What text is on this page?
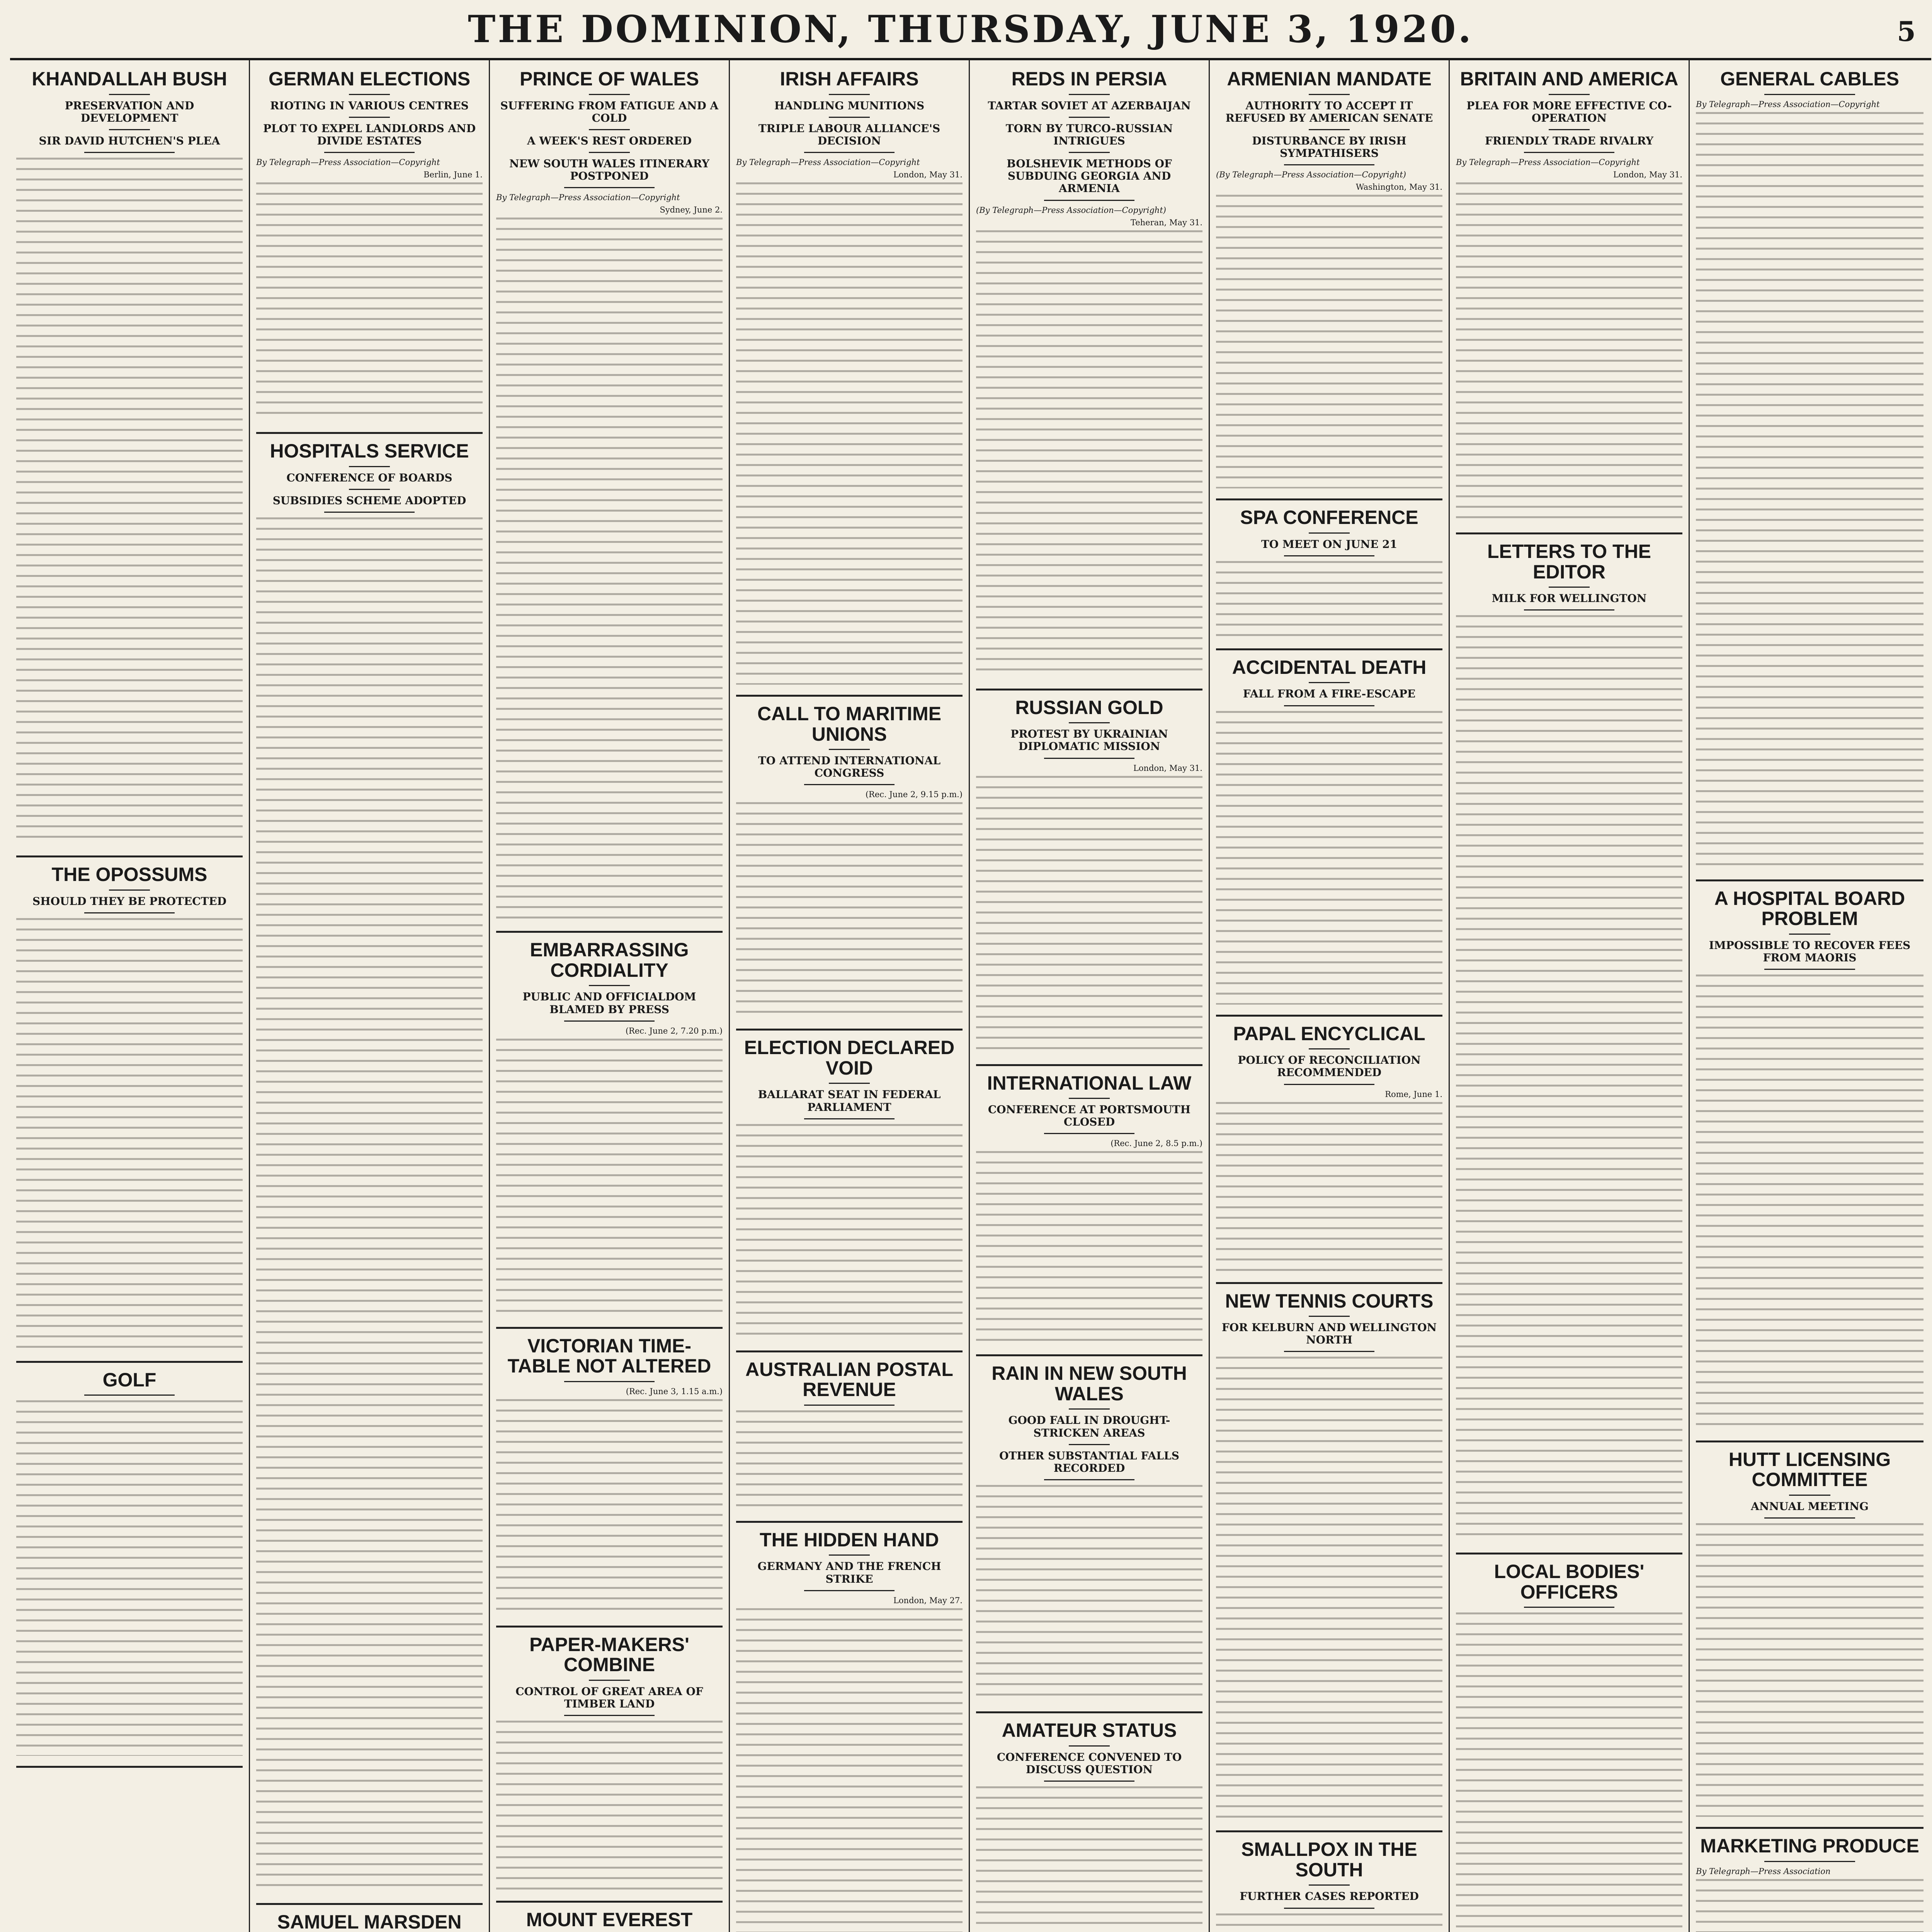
THE DOMINION, THURSDAY, JUNE 3, 1920.	5
KHANDALLAH BUSH
PRESERVATION AND DEVELOPMENT
SIR DAVID HUTCHEN'S PLEA
THE OPOSSUMS
SHOULD THEY BE PROTECTED
GOLF
GERMAN ELECTIONS
RIOTING IN VARIOUS CENTRES
PLOT TO EXPEL LANDLORDS AND DIVIDE ESTATES
By Telegraph—Press Association—Copyright
Berlin, June 1.
HOSPITALS SERVICE
CONFERENCE OF BOARDS
SUBSIDIES SCHEME ADOPTED
SAMUEL MARSDEN
PRINCE OF WALES
SUFFERING FROM FATIGUE AND A COLD
A WEEK'S REST ORDERED
NEW SOUTH WALES ITINERARY POSTPONED
By Telegraph—Press Association—Copyright
Sydney, June 2.
EMBARRASSING CORDIALITY
PUBLIC AND OFFICIALDOM BLAMED BY PRESS
(Rec. June 2, 7.20 p.m.)
VICTORIAN TIME-TABLE NOT ALTERED
(Rec. June 3, 1.15 a.m.)
PAPER-MAKERS' COMBINE
CONTROL OF GREAT AREA OF TIMBER LAND
MOUNT EVEREST
IRISH AFFAIRS
HANDLING MUNITIONS
TRIPLE LABOUR ALLIANCE'S DECISION
By Telegraph—Press Association—Copyright
London, May 31.
CALL TO MARITIME UNIONS
TO ATTEND INTERNATIONAL CONGRESS
(Rec. June 2, 9.15 p.m.)
ELECTION DECLARED VOID
BALLARAT SEAT IN FEDERAL PARLIAMENT
AUSTRALIAN POSTAL REVENUE
THE HIDDEN HAND
GERMANY AND THE FRENCH STRIKE
London, May 27.
REDS IN PERSIA
TARTAR SOVIET AT AZERBAIJAN
TORN BY TURCO-RUSSIAN INTRIGUES
BOLSHEVIK METHODS OF SUBDUING GEORGIA AND ARMENIA
(By Telegraph—Press Association—Copyright)
Teheran, May 31.
RUSSIAN GOLD
PROTEST BY UKRAINIAN DIPLOMATIC MISSION
London, May 31.
INTERNATIONAL LAW
CONFERENCE AT PORTSMOUTH CLOSED
(Rec. June 2, 8.5 p.m.)
RAIN IN NEW SOUTH WALES
GOOD FALL IN DROUGHT-STRICKEN AREAS
OTHER SUBSTANTIAL FALLS RECORDED
AMATEUR STATUS
CONFERENCE CONVENED TO DISCUSS QUESTION
ARMENIAN MANDATE
AUTHORITY TO ACCEPT IT REFUSED BY AMERICAN SENATE
DISTURBANCE BY IRISH SYMPATHISERS
(By Telegraph—Press Association—Copyright)
Washington, May 31.
SPA CONFERENCE
TO MEET ON JUNE 21
ACCIDENTAL DEATH
FALL FROM A FIRE-ESCAPE
PAPAL ENCYCLICAL
POLICY OF RECONCILIATION RECOMMENDED
Rome, June 1.
NEW TENNIS COURTS
FOR KELBURN AND WELLINGTON NORTH
SMALLPOX IN THE SOUTH
FURTHER CASES REPORTED
BRITAIN AND AMERICA
PLEA FOR MORE EFFECTIVE CO-OPERATION
FRIENDLY TRADE RIVALRY
By Telegraph—Press Association—Copyright
London, May 31.
LETTERS TO THE EDITOR
MILK FOR WELLINGTON
LOCAL BODIES' OFFICERS
GENERAL CABLES
By Telegraph—Press Association—Copyright
A HOSPITAL BOARD PROBLEM
IMPOSSIBLE TO RECOVER FEES FROM MAORIS
HUTT LICENSING COMMITTEE
ANNUAL MEETING
MARKETING PRODUCE
By Telegraph—Press Association
